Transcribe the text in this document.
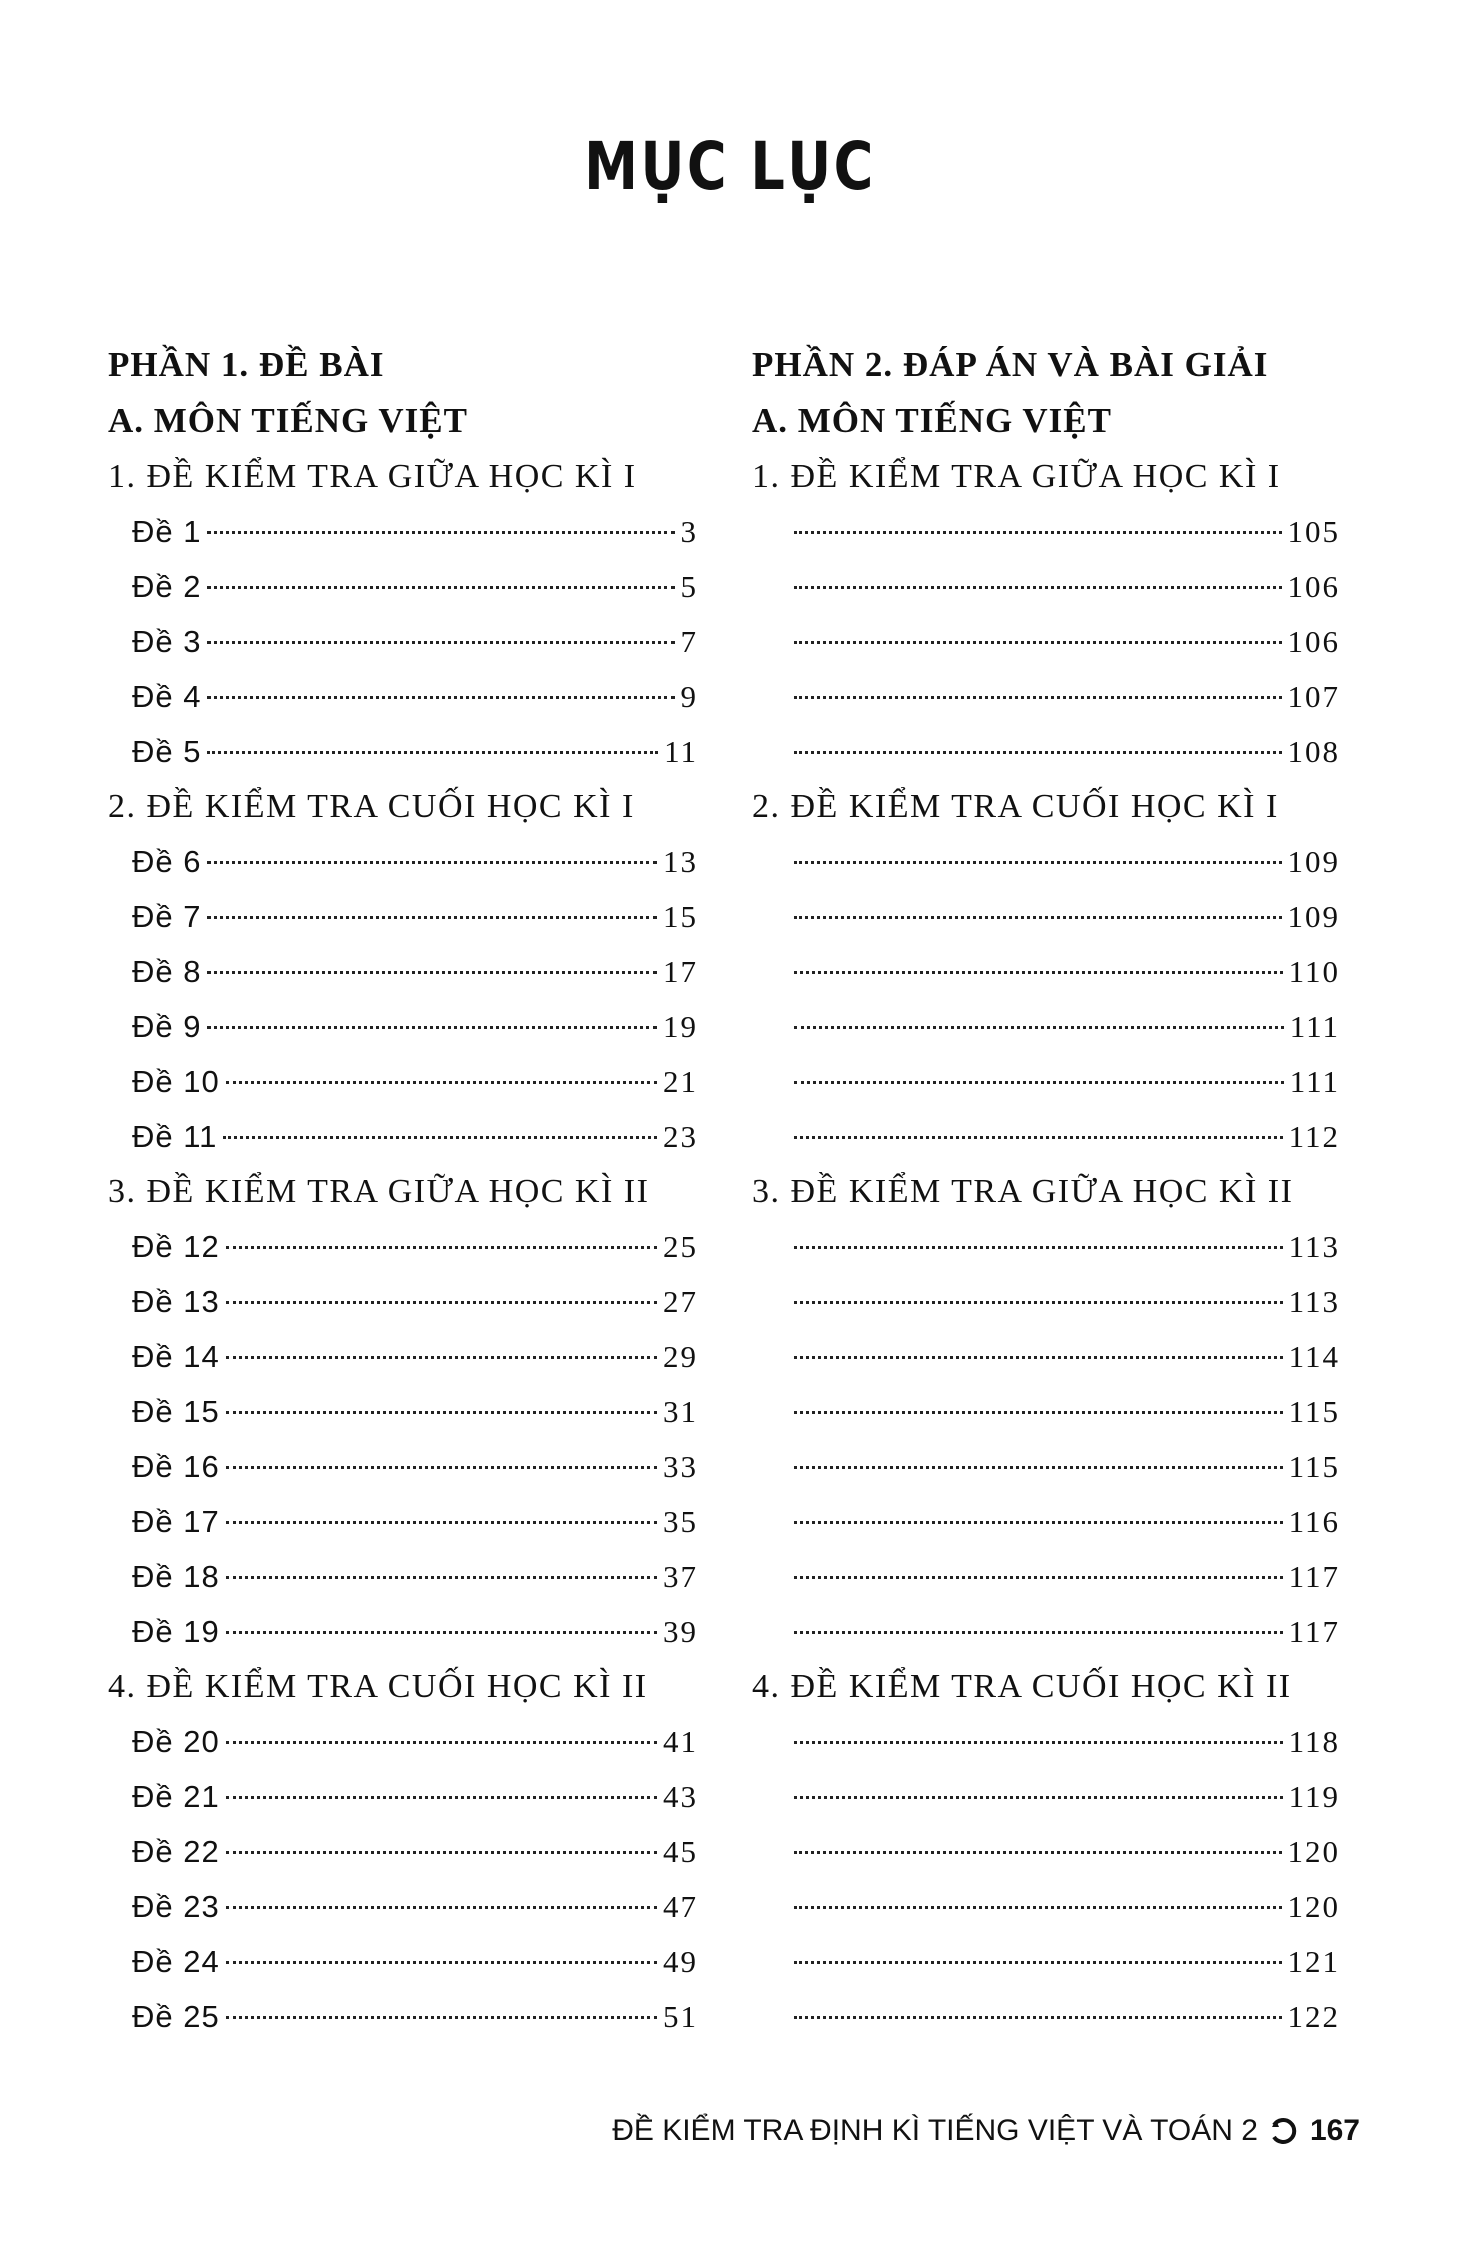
MỤC LỤC
PHẦN 1. ĐỀ BÀI
A. MÔN TIẾNG VIỆT
1. ĐỀ KIỂM TRA GIỮA HỌC KÌ I
Đề 1	3
Đề 2	5
Đề 3	7
Đề 4	9
Đề 5	11
2. ĐỀ KIỂM TRA CUỐI HỌC KÌ I
Đề 6	13
Đề 7	15
Đề 8	17
Đề 9	19
Đề 10	21
Đề 11	23
3. ĐỀ KIỂM TRA GIỮA HỌC KÌ II
Đề 12	25
Đề 13	27
Đề 14	29
Đề 15	31
Đề 16	33
Đề 17	35
Đề 18	37
Đề 19	39
4. ĐỀ KIỂM TRA CUỐI HỌC KÌ II
Đề 20	41
Đề 21	43
Đề 22	45
Đề 23	47
Đề 24	49
Đề 25	51
PHẦN 2. ĐÁP ÁN VÀ BÀI GIẢI
A. MÔN TIẾNG VIỆT
1. ĐỀ KIỂM TRA GIỮA HỌC KÌ I
105
106
106
107
108
2. ĐỀ KIỂM TRA CUỐI HỌC KÌ I
109
109
110
111
111
112
3. ĐỀ KIỂM TRA GIỮA HỌC KÌ II
113
113
114
115
115
116
117
117
4. ĐỀ KIỂM TRA CUỐI HỌC KÌ II
118
119
120
120
121
122
ĐỀ KIỂM TRA ĐỊNH KÌ TIẾNG VIỆT VÀ TOÁN 2 167
